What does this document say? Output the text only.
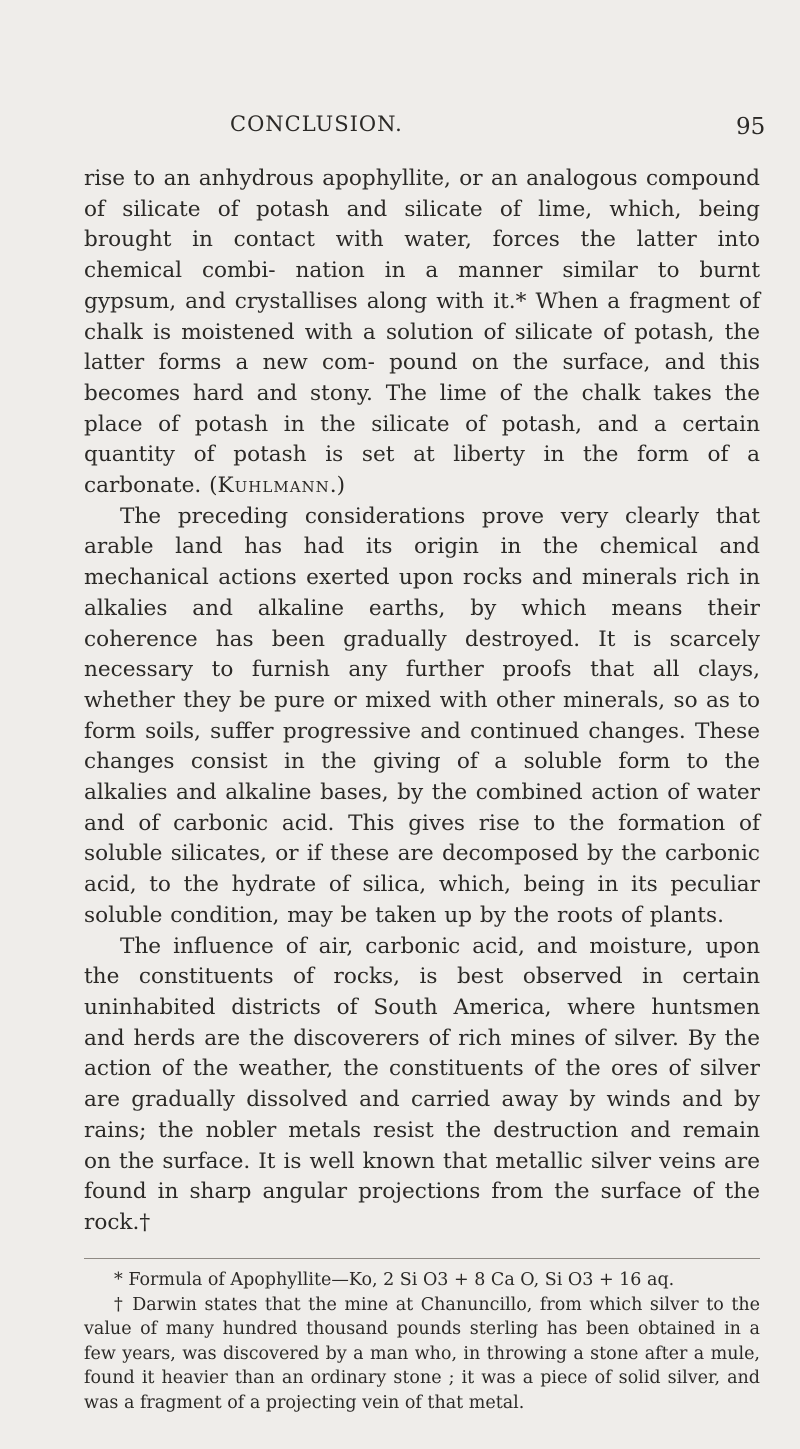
CONCLUSION.	95

rise to an anhydrous apophyllite, or an analogous compound of silicate of potash and silicate of lime, which, being brought in contact with water, forces the latter into chemical combi- nation in a manner similar to burnt gypsum, and crystallises along with it.* When a fragment of chalk is moistened with a solution of silicate of potash, the latter forms a new com- pound on the surface, and this becomes hard and stony. The lime of the chalk takes the place of potash in the silicate of potash, and a certain quantity of potash is set at liberty in the form of a carbonate. (Kuhlmann.)

The preceding considerations prove very clearly that arable land has had its origin in the chemical and mechanical actions exerted upon rocks and minerals rich in alkalies and alkaline earths, by which means their coherence has been gradually destroyed. It is scarcely necessary to furnish any further proofs that all clays, whether they be pure or mixed with other minerals, so as to form soils, suffer progressive and continued changes. These changes consist in the giving of a soluble form to the alkalies and alkaline bases, by the combined action of water and of carbonic acid. This gives rise to the formation of soluble silicates, or if these are decomposed by the carbonic acid, to the hydrate of silica, which, being in its peculiar soluble condition, may be taken up by the roots of plants.

The influence of air, carbonic acid, and moisture, upon the constituents of rocks, is best observed in certain uninhabited districts of South America, where huntsmen and herds are the discoverers of rich mines of silver. By the action of the weather, the constituents of the ores of silver are gradually dissolved and carried away by winds and by rains; the nobler metals resist the destruction and remain on the surface. It is well known that metallic silver veins are found in sharp angular projections from the surface of the rock.†

* Formula of Apophyllite—Ko, 2 Si O3 + 8 Ca O, Si O3 + 16 aq.

† Darwin states that the mine at Chanuncillo, from which silver to the value of many hundred thousand pounds sterling has been obtained in a few years, was discovered by a man who, in throwing a stone after a mule, found it heavier than an ordinary stone ; it was a piece of solid silver, and was a fragment of a projecting vein of that metal.
